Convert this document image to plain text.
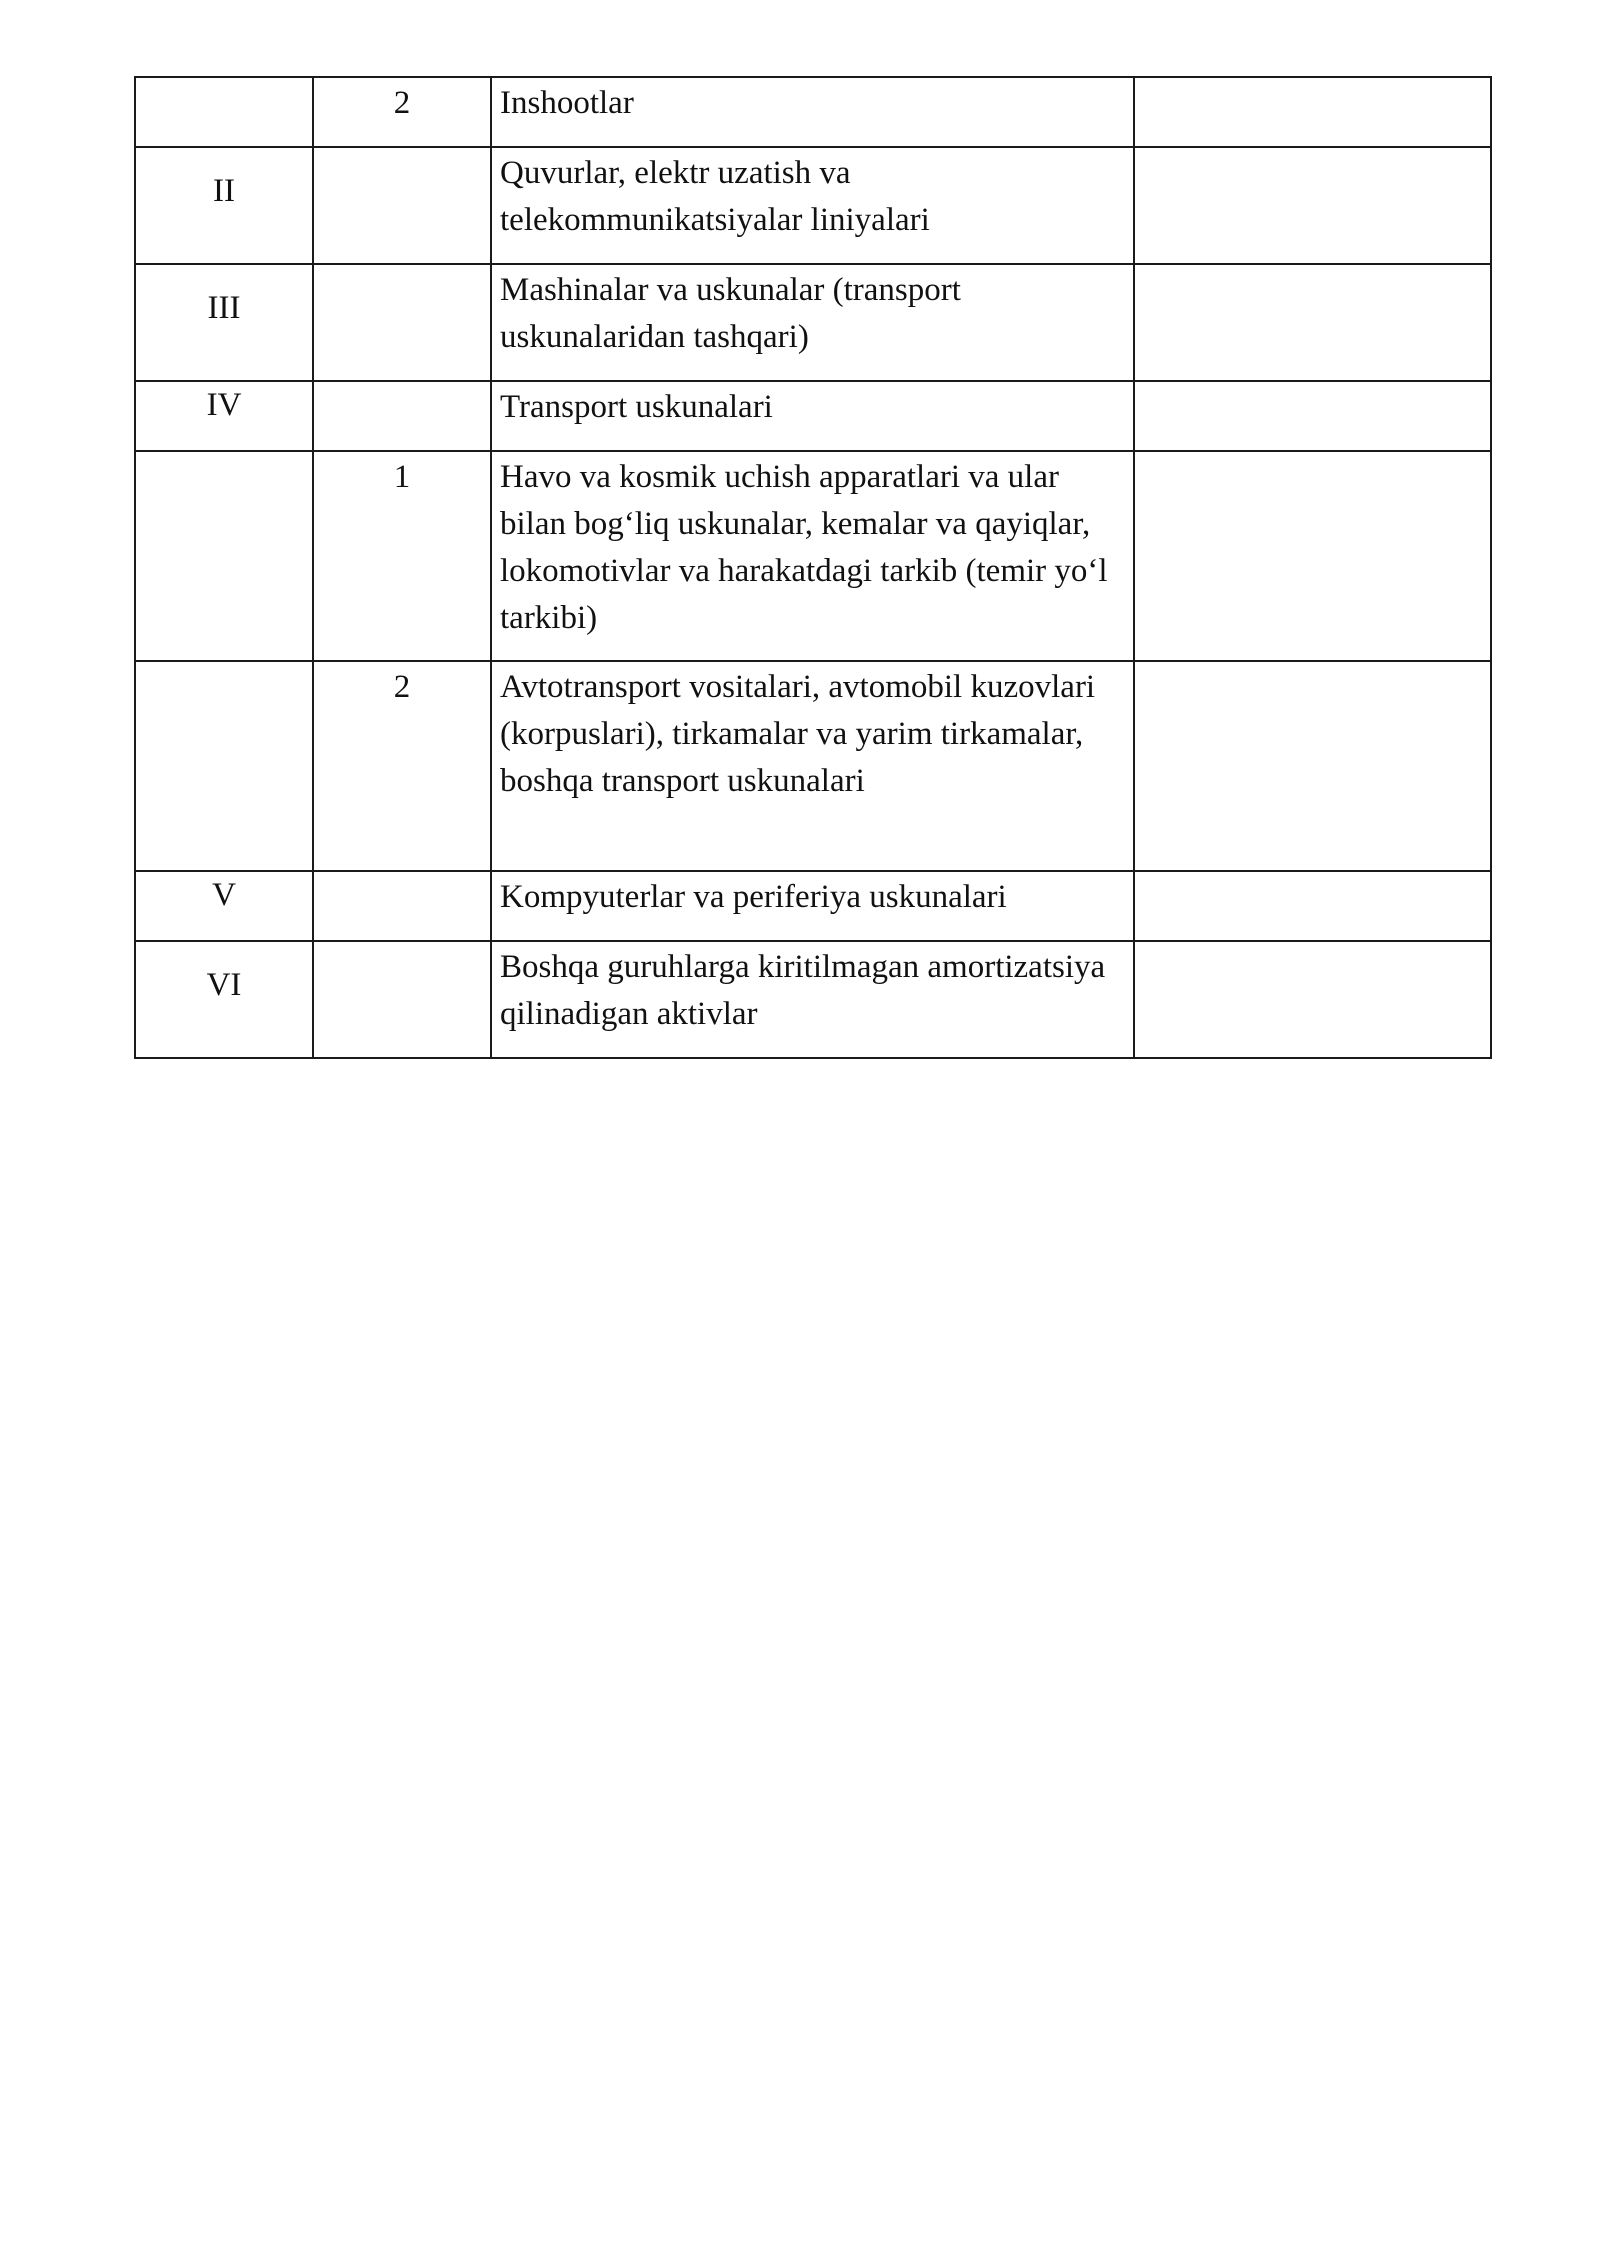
	2	Inshootlar	

II		Quvurlar, elektr uzatish va telekommunikatsiyalar liniyalari	

III		Mashinalar va uskunalar (transport uskunalaridan tashqari)	

IV		Transport uskunalari	

	1	Havo va kosmik uchish apparatlari va ular bilan bog‘liq uskunalar, kemalar va qayiqlar, lokomotivlar va harakatdagi tarkib (temir yo‘l tarkibi)	

	2	Avtotransport vositalari, avtomobil kuzovlari (korpuslari), tirkamalar va yarim tirkamalar, boshqa transport uskunalari	

V		Kompyuterlar va periferiya uskunalari	

VI		Boshqa guruhlarga kiritilmagan amortizatsiya qilinadigan aktivlar	
